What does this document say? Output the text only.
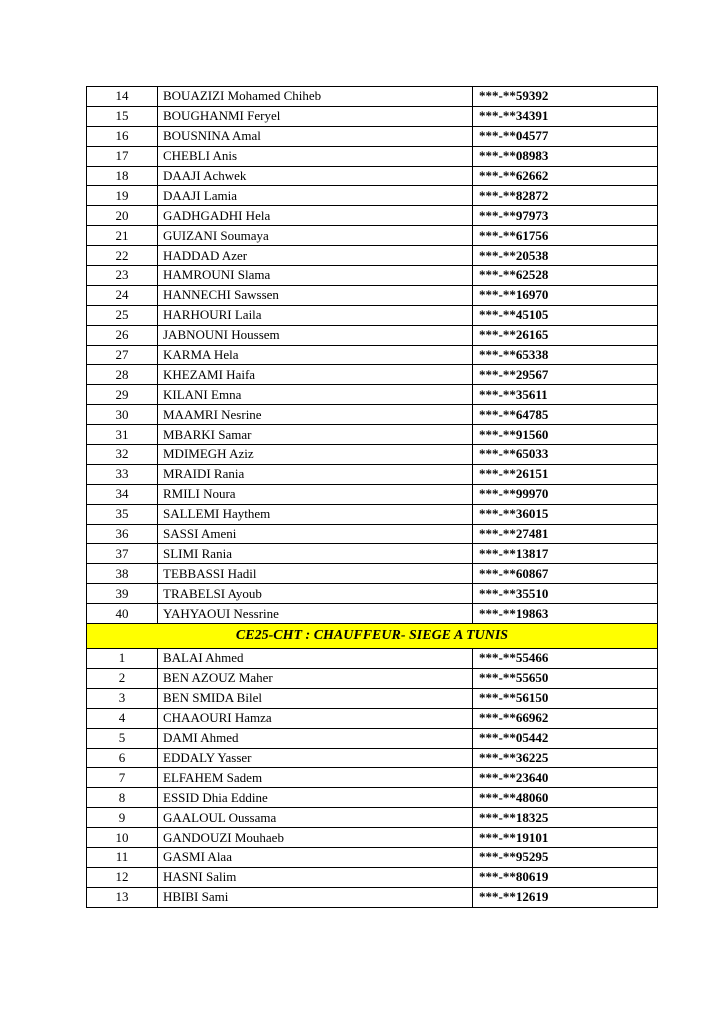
14	BOUAZIZI Mohamed Chiheb	***-**59392
15	BOUGHANMI Feryel	***-**34391
16	BOUSNINA Amal	***-**04577
17	CHEBLI Anis	***-**08983
18	DAAJI Achwek	***-**62662
19	DAAJI Lamia	***-**82872
20	GADHGADHI Hela	***-**97973
21	GUIZANI Soumaya	***-**61756
22	HADDAD Azer	***-**20538
23	HAMROUNI Slama	***-**62528
24	HANNECHI Sawssen	***-**16970
25	HARHOURI Laila	***-**45105
26	JABNOUNI Houssem	***-**26165
27	KARMA Hela	***-**65338
28	KHEZAMI Haifa	***-**29567
29	KILANI Emna	***-**35611
30	MAAMRI Nesrine	***-**64785
31	MBARKI Samar	***-**91560
32	MDIMEGH Aziz	***-**65033
33	MRAIDI Rania	***-**26151
34	RMILI Noura	***-**99970
35	SALLEMI Haythem	***-**36015
36	SASSI Ameni	***-**27481
37	SLIMI Rania	***-**13817
38	TEBBASSI Hadil	***-**60867
39	TRABELSI Ayoub	***-**35510
40	YAHYAOUI Nessrine	***-**19863
CE25-CHT : CHAUFFEUR- SIEGE A TUNIS		
1	BALAI Ahmed	***-**55466
2	BEN AZOUZ Maher	***-**55650
3	BEN SMIDA Bilel	***-**56150
4	CHAAOURI Hamza	***-**66962
5	DAMI Ahmed	***-**05442
6	EDDALY Yasser	***-**36225
7	ELFAHEM Sadem	***-**23640
8	ESSID Dhia Eddine	***-**48060
9	GAALOUL Oussama	***-**18325
10	GANDOUZI Mouhaeb	***-**19101
11	GASMI Alaa	***-**95295
12	HASNI Salim	***-**80619
13	HBIBI Sami	***-**12619
